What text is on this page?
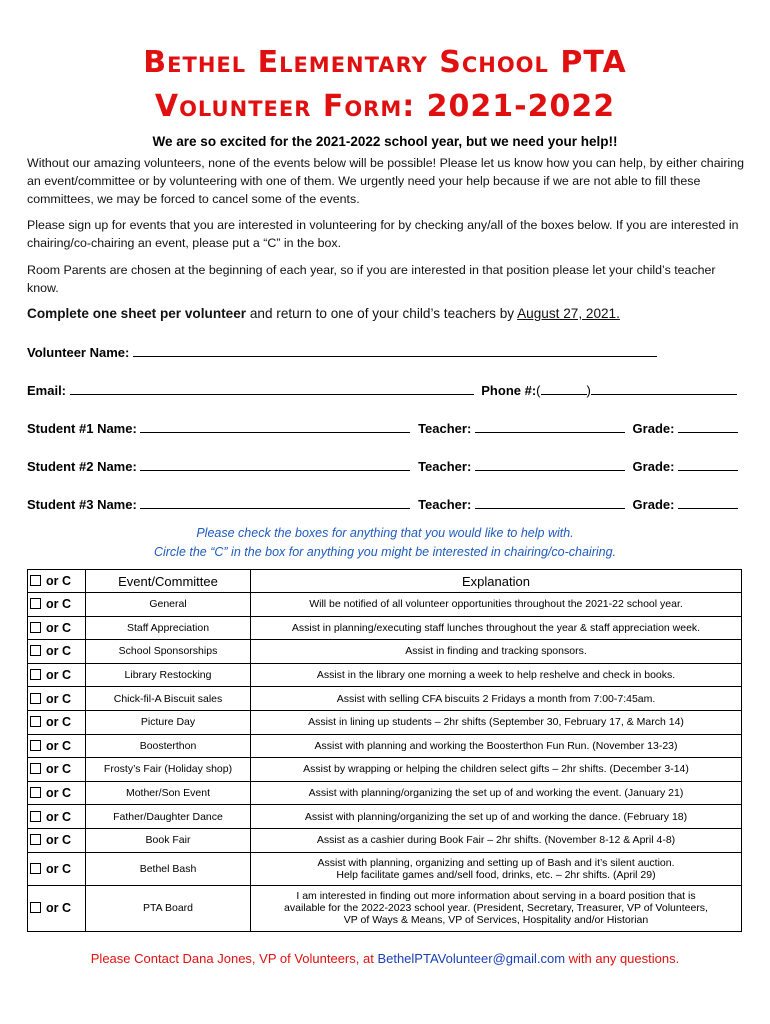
Bethel Elementary School PTA
Volunteer Form: 2021-2022
We are so excited for the 2021-2022 school year, but we need your help!!
Without our amazing volunteers, none of the events below will be possible! Please let us know how you can help, by either chairing an event/committee or by volunteering with one of them. We urgently need your help because if we are not able to fill these committees, we may be forced to cancel some of the events.
Please sign up for events that you are interested in volunteering for by checking any/all of the boxes below. If you are interested in chairing/co-chairing an event, please put a “C” in the box.
Room Parents are chosen at the beginning of each year, so if you are interested in that position please let your child’s teacher know.
Complete one sheet per volunteer and return to one of your child’s teachers by August 27, 2021.
Volunteer Name:
Email:	Phone #:(	)
Student #1 Name:	Teacher:	Grade:
Student #2 Name:	Teacher:	Grade:
Student #3 Name:	Teacher:	Grade:
Please check the boxes for anything that you would like to help with.
Circle the “C” in the box for anything you might be interested in chairing/co-chairing.
or C	Event/Committee	Explanation
or C	General	Will be notified of all volunteer opportunities throughout the 2021-22 school year.
or C	Staff Appreciation	Assist in planning/executing staff lunches throughout the year & staff appreciation week.
or C	School Sponsorships	Assist in finding and tracking sponsors.
or C	Library Restocking	Assist in the library one morning a week to help reshelve and check in books.
or C	Chick-fil-A Biscuit sales	Assist with selling CFA biscuits 2 Fridays a month from 7:00-7:45am.
or C	Picture Day	Assist in lining up students – 2hr shifts (September 30, February 17, & March 14)
or C	Boosterthon	Assist with planning and working the Boosterthon Fun Run. (November 13-23)
or C	Frosty’s Fair (Holiday shop)	Assist by wrapping or helping the children select gifts – 2hr shifts. (December 3-14)
or C	Mother/Son Event	Assist with planning/organizing the set up of and working the event. (January 21)
or C	Father/Daughter Dance	Assist with planning/organizing the set up of and working the dance. (February 18)
or C	Book Fair	Assist as a cashier during Book Fair – 2hr shifts. (November 8-12 & April 4-8)
or C	Bethel Bash	Assist with planning, organizing and setting up of Bash and it’s silent auction.
Help facilitate games and/sell food, drinks, etc. – 2hr shifts. (April 29)

or C	PTA Board	I am interested in finding out more information about serving in a board position that is
available for the 2022-2023 school year. (President, Secretary, Treasurer, VP of Volunteers,
VP of Ways & Means, VP of Services, Hospitality and/or Historian
Please Contact Dana Jones, VP of Volunteers, at BethelPTAVolunteer@gmail.com with any questions.
